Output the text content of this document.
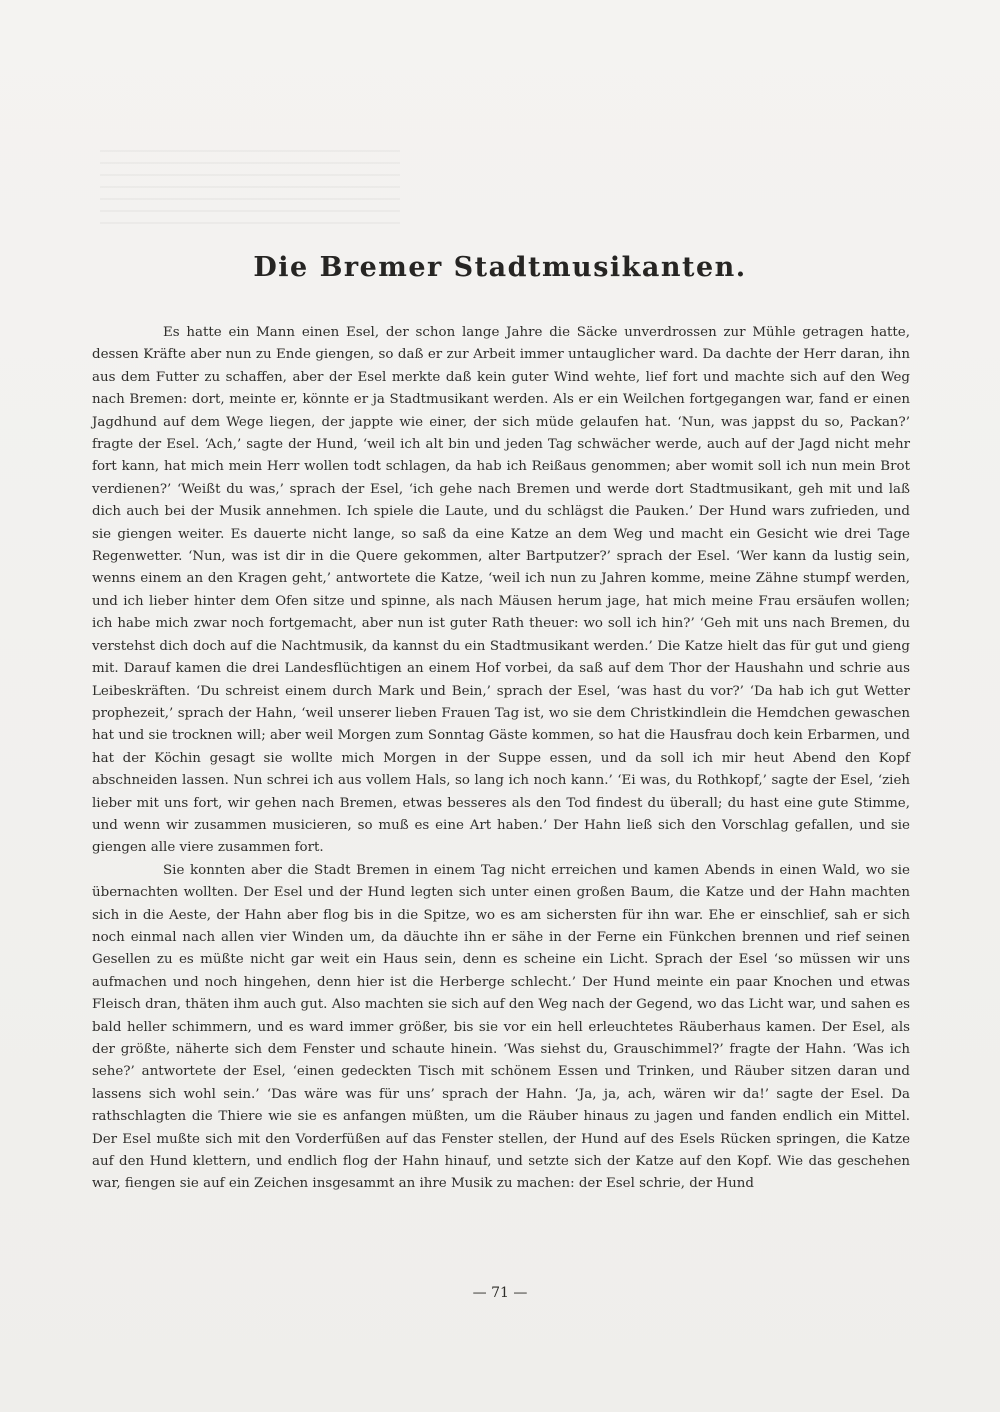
Die Bremer Stadtmusikanten.

Es hatte ein Mann einen Esel, der schon lange Jahre die Säcke unverdrossen zur Mühle getragen hatte, dessen Kräfte aber nun zu Ende giengen, so daß er zur Arbeit immer untauglicher ward. Da dachte der Herr daran, ihn aus dem Futter zu schaffen, aber der Esel merkte daß kein guter Wind wehte, lief fort und machte sich auf den Weg nach Bremen: dort, meinte er, könnte er ja Stadtmusikant werden. Als er ein Weilchen fortgegangen war, fand er einen Jagdhund auf dem Wege liegen, der jappte wie einer, der sich müde gelaufen hat. ‘Nun, was jappst du so, Packan?’ fragte der Esel. ‘Ach,’ sagte der Hund, ‘weil ich alt bin und jeden Tag schwächer werde, auch auf der Jagd nicht mehr fort kann, hat mich mein Herr wollen todt schlagen, da hab ich Reißaus genommen; aber womit soll ich nun mein Brot verdienen?’ ‘Weißt du was,’ sprach der Esel, ‘ich gehe nach Bremen und werde dort Stadtmusikant, geh mit und laß dich auch bei der Musik annehmen. Ich spiele die Laute, und du schlägst die Pauken.’ Der Hund wars zufrieden, und sie giengen weiter. Es dauerte nicht lange, so saß da eine Katze an dem Weg und macht ein Gesicht wie drei Tage Regenwetter. ‘Nun, was ist dir in die Quere gekommen, alter Bartputzer?’ sprach der Esel. ‘Wer kann da lustig sein, wenns einem an den Kragen geht,’ antwortete die Katze, ‘weil ich nun zu Jahren komme, meine Zähne stumpf werden, und ich lieber hinter dem Ofen sitze und spinne, als nach Mäusen herum jage, hat mich meine Frau ersäufen wollen; ich habe mich zwar noch fortgemacht, aber nun ist guter Rath theuer: wo soll ich hin?’ ‘Geh mit uns nach Bremen, du verstehst dich doch auf die Nachtmusik, da kannst du ein Stadtmusikant werden.’ Die Katze hielt das für gut und gieng mit. Darauf kamen die drei Landesflüchtigen an einem Hof vorbei, da saß auf dem Thor der Haushahn und schrie aus Leibeskräften. ‘Du schreist einem durch Mark und Bein,’ sprach der Esel, ‘was hast du vor?’ ‘Da hab ich gut Wetter prophezeit,’ sprach der Hahn, ‘weil unserer lieben Frauen Tag ist, wo sie dem Christkindlein die Hemdchen gewaschen hat und sie trocknen will; aber weil Morgen zum Sonntag Gäste kommen, so hat die Hausfrau doch kein Erbarmen, und hat der Köchin gesagt sie wollte mich Morgen in der Suppe essen, und da soll ich mir heut Abend den Kopf abschneiden lassen. Nun schrei ich aus vollem Hals, so lang ich noch kann.’ ‘Ei was, du Rothkopf,’ sagte der Esel, ‘zieh lieber mit uns fort, wir gehen nach Bremen, etwas besseres als den Tod findest du überall; du hast eine gute Stimme, und wenn wir zusammen musicieren, so muß es eine Art haben.’ Der Hahn ließ sich den Vorschlag gefallen, und sie giengen alle viere zusammen fort.

Sie konnten aber die Stadt Bremen in einem Tag nicht erreichen und kamen Abends in einen Wald, wo sie übernachten wollten. Der Esel und der Hund legten sich unter einen großen Baum, die Katze und der Hahn machten sich in die Aeste, der Hahn aber flog bis in die Spitze, wo es am sichersten für ihn war. Ehe er einschlief, sah er sich noch einmal nach allen vier Winden um, da däuchte ihn er sähe in der Ferne ein Fünkchen brennen und rief seinen Gesellen zu es müßte nicht gar weit ein Haus sein, denn es scheine ein Licht. Sprach der Esel ‘so müssen wir uns aufmachen und noch hingehen, denn hier ist die Herberge schlecht.’ Der Hund meinte ein paar Knochen und etwas Fleisch dran, thäten ihm auch gut. Also machten sie sich auf den Weg nach der Gegend, wo das Licht war, und sahen es bald heller schimmern, und es ward immer größer, bis sie vor ein hell erleuchtetes Räuberhaus kamen. Der Esel, als der größte, näherte sich dem Fenster und schaute hinein. ‘Was siehst du, Grauschimmel?’ fragte der Hahn. ‘Was ich sehe?’ antwortete der Esel, ‘einen gedeckten Tisch mit schönem Essen und Trinken, und Räuber sitzen daran und lassens sich wohl sein.’ ‘Das wäre was für uns’ sprach der Hahn. ‘Ja, ja, ach, wären wir da!’ sagte der Esel. Da rathschlagten die Thiere wie sie es anfangen müßten, um die Räuber hinaus zu jagen und fanden endlich ein Mittel. Der Esel mußte sich mit den Vorderfüßen auf das Fenster stellen, der Hund auf des Esels Rücken springen, die Katze auf den Hund klettern, und endlich flog der Hahn hinauf, und setzte sich der Katze auf den Kopf. Wie das geschehen war, fiengen sie auf ein Zeichen insgesammt an ihre Musik zu machen: der Esel schrie, der Hund

— 71 —
